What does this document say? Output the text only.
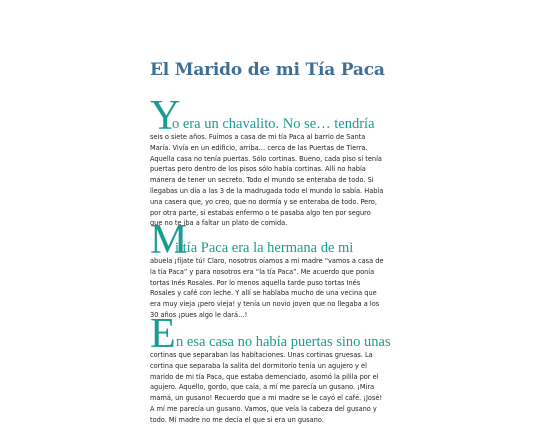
El Marido de mi Tía Paca
Y
o era un chavalito. No se… tendría

seis o siete años. Fuimos a casa de mi tía Paca al barrio de Santa María. Vivía en un edificio, arriba… cerca de las Puertas de Tierra. Aquella casa no tenía puertas. Sólo cortinas. Bueno, cada piso sí tenía puertas pero dentro de los pisos sólo había cortinas. Allí no había manera de tener un secreto. Todo el mundo se enteraba de todo. Si llegabas un día a las 3 de la madrugada todo el mundo lo sabía. Había una casera que, yo creo, que no dormía y se enteraba de todo. Pero, por otra parte, si estabas enfermo o te pasaba algo ten por seguro que no te iba a faltar un plato de comida.

M
i tía Paca era la hermana de mi

abuela ¡fíjate tú! Claro, nosotros oíamos a mi madre “vamos a casa de la tía Paca” y para nosotros era “la tía Paca”. Me acuerdo que ponía tortas Inés Rosales. Por lo menos aquella tarde puso tortas Inés Rosales y café con leche. Y allí se hablaba mucho de una vecina que era muy vieja ¡pero vieja! y tenía un novio joven que no llegaba a los 30 años ¡pues algo le dará…!

E n esa casa no había puertas sino unas

cortinas que separaban las habitaciones. Unas cortinas gruesas. La cortina que separaba la salita del dormitorio tenía un agujero y el marido de mi tía Paca, que estaba demenciado, asomó la pilila por el agujero. Aquello, gordo, que caía, a mí me parecía un gusano. ¡Mira mamá, un gusano! Recuerdo que a mi madre se le cayó el café. ¡José! A mí me parecía un gusano. Vamos, que veía la cabeza del gusano y todo. Mi madre no me decía el que si era un gusano.
